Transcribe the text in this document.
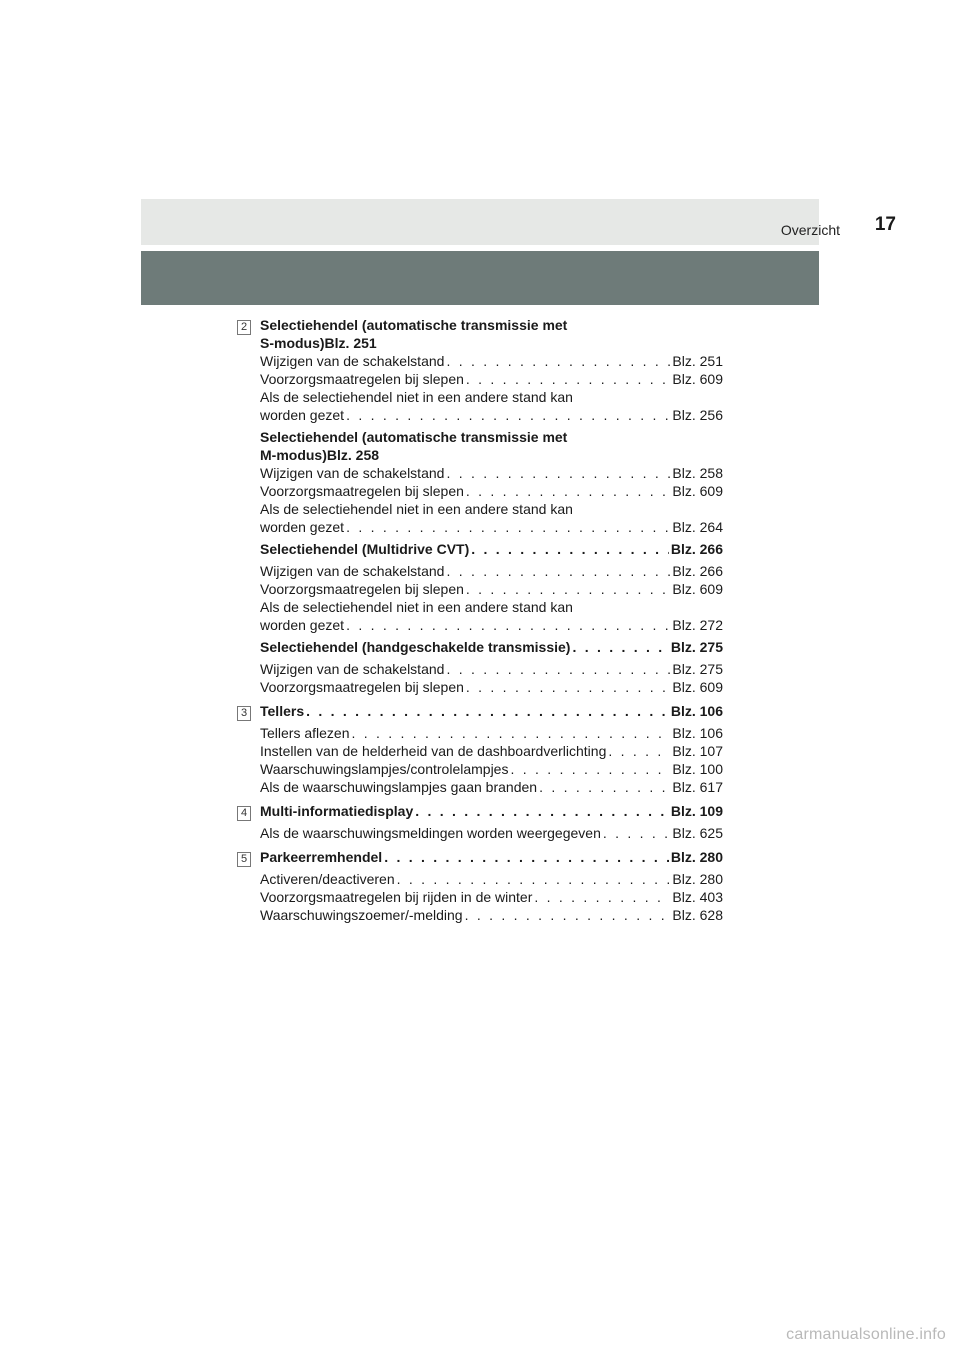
Overzicht 17
2 Selectiehendel (automatische transmissie met
S-modus)Blz. 251
Wijzigen van de schakelstand . . .	Blz. 251
Voorzorgsmaatregelen bij slepen . . .	Blz. 609
Als de selectiehendel niet in een andere stand kan
worden gezet . . .	Blz. 256
Selectiehendel (automatische transmissie met
M-modus)Blz. 258
Wijzigen van de schakelstand . . .	Blz. 258
Voorzorgsmaatregelen bij slepen . . .	Blz. 609
Als de selectiehendel niet in een andere stand kan
worden gezet . . .	Blz. 264
Selectiehendel (Multidrive CVT) . . .	Blz. 266
Wijzigen van de schakelstand . . .	Blz. 266
Voorzorgsmaatregelen bij slepen . . .	Blz. 609
Als de selectiehendel niet in een andere stand kan
worden gezet . . .	Blz. 272
Selectiehendel (handgeschakelde transmissie) . . .	Blz. 275
Wijzigen van de schakelstand . . .	Blz. 275
Voorzorgsmaatregelen bij slepen . . .	Blz. 609
3 Tellers . . .	Blz. 106
Tellers aflezen . . .	Blz. 106
Instellen van de helderheid van de dashboardverlichting . . .	Blz. 107
Waarschuwingslampjes/controlelampjes . . .	Blz. 100
Als de waarschuwingslampjes gaan branden . . .	Blz. 617
4 Multi-informatiedisplay . . .	Blz. 109
Als de waarschuwingsmeldingen worden weergegeven . . .	Blz. 625
5 Parkeerremhendel . . .	Blz. 280
Activeren/deactiveren . . .	Blz. 280
Voorzorgsmaatregelen bij rijden in de winter . . .	Blz. 403
Waarschuwingszoemer/-melding . . .	Blz. 628
carmanualsonline.info
